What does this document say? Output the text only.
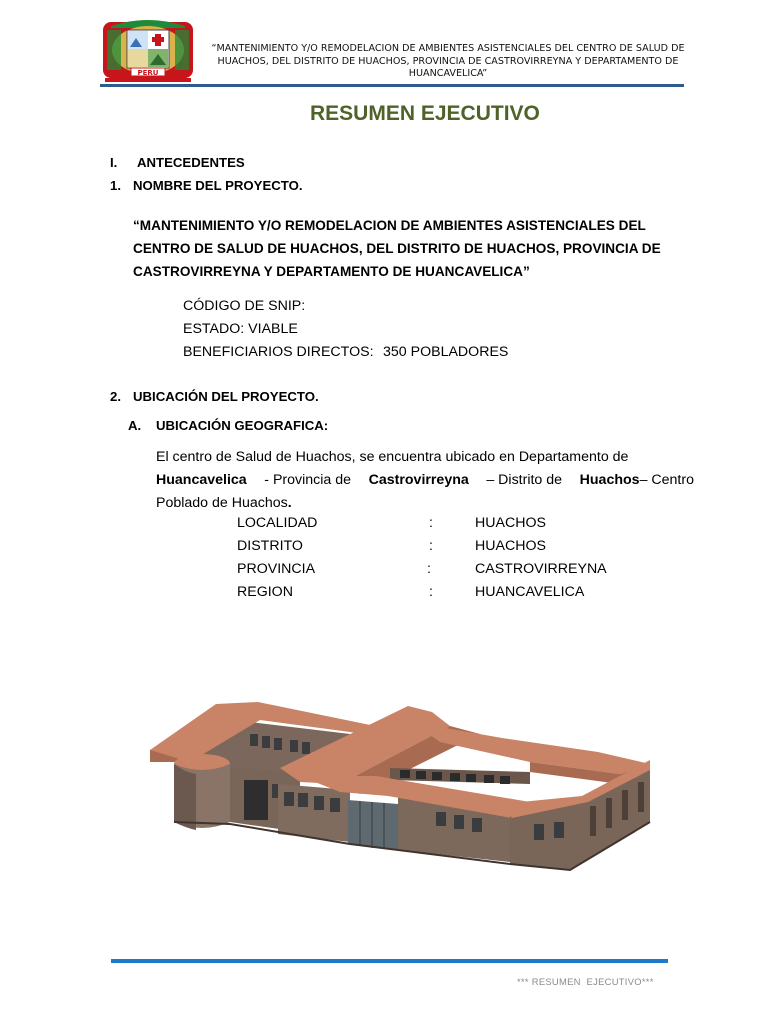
PERU
“MANTENIMIENTO Y/O REMODELACION DE AMBIENTES ASISTENCIALES DEL CENTRO DE SALUD DE HUACHOS, DEL DISTRITO DE HUACHOS, PROVINCIA DE CASTROVIRREYNA Y DEPARTAMENTO DE HUANCAVELICA”
RESUMEN EJECUTIVO
I. ANTECEDENTES
1. NOMBRE DEL PROYECTO.
“MANTENIMIENTO Y/O REMODELACION DE AMBIENTES ASISTENCIALES DEL
CENTRO DE SALUD DE HUACHOS, DEL DISTRITO DE HUACHOS, PROVINCIA DE
CASTROVIRREYNA Y DEPARTAMENTO DE HUANCAVELICA”
CÓDIGO DE SNIP:
ESTADO: VIABLE
BENEFICIARIOS DIRECTOS: 350 POBLADORES
2. UBICACIÓN DEL PROYECTO.
A. UBICACIÓN GEOGRAFICA:
El centro de Salud de Huachos, se encuentra ubicado en Departamento de
Huancavelica - Provincia de Castrovirreyna – Distrito de Huachos– Centro
Poblado de Huachos.
LOCALIDAD	:	HUACHOS
DISTRITO	:	HUACHOS
PROVINCIA	:	CASTROVIRREYNA
REGION	:	HUANCAVELICA
*** RESUMEN  EJECUTIVO***
